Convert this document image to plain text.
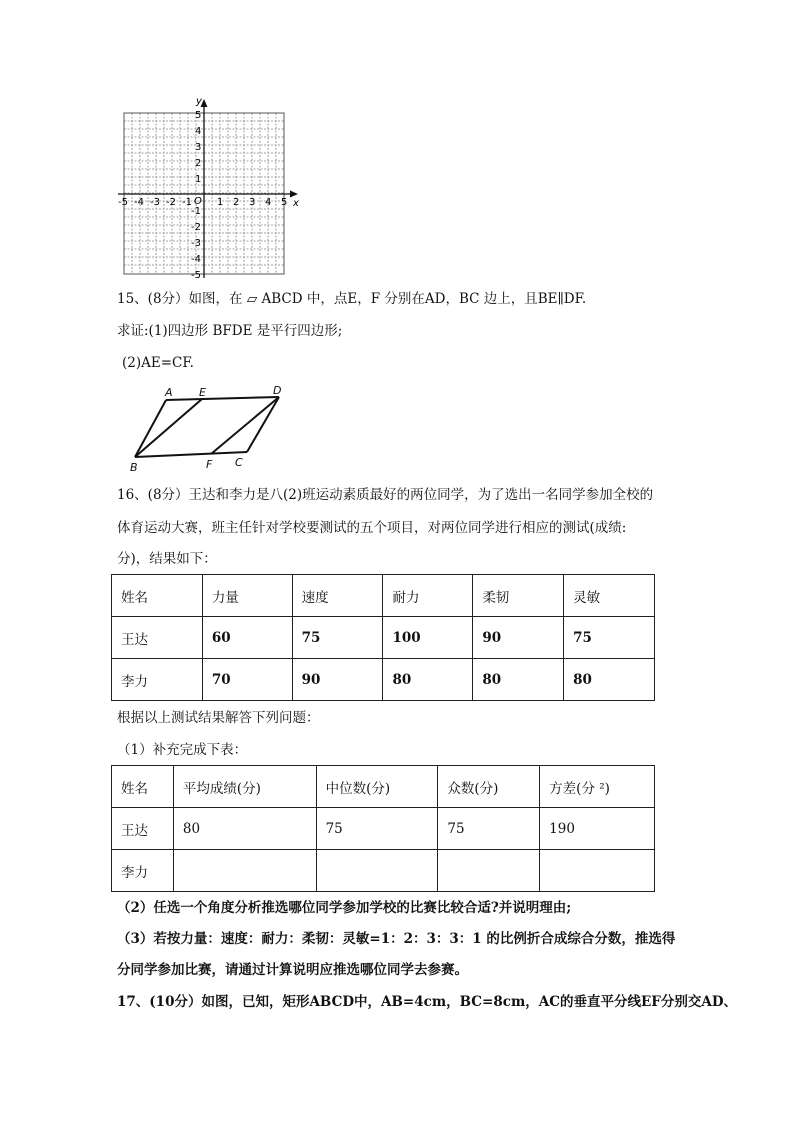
y
x
O
-5 -4 -3 -2 -1	1 2 3 4 5
5
4
3
2
1
-1
-2
-3
-4
-5
15、(8分）如图，在 ▱ ABCD 中，点E，F 分别在AD，BC 边上，且BE∥DF.
求证:(1)四边形 BFDE 是平行四边形;
(2)AE=CF.
A E	D
B	F C
16、(8分）王达和李力是八(2)班运动素质最好的两位同学，为了选出一名同学参加全校的
体育运动大赛，班主任针对学校要测试的五个项目，对两位同学进行相应的测试(成绩:
分)，结果如下：
姓名	力量	速度	耐力	柔韧	灵敏
王达	60	75	100	90	75
李力	70	90	80	80	80
根据以上测试结果解答下列问题：
（1）补充完成下表：
姓名	平均成绩(分)	中位数(分)	众数(分)	方差(分 ²)
王达	80	75	75	190
李力				
（2）任选一个角度分析推选哪位同学参加学校的比赛比较合适?并说明理由;
（3）若按力量：速度：耐力：柔韧：灵敏=1：2：3：3：1 的比例折合成综合分数，推选得
分同学参加比赛，请通过计算说明应推选哪位同学去参赛。
17、(10分）如图，已知，矩形ABCD中，AB=4cm，BC=8cm，AC的垂直平分线EF分别交AD、
